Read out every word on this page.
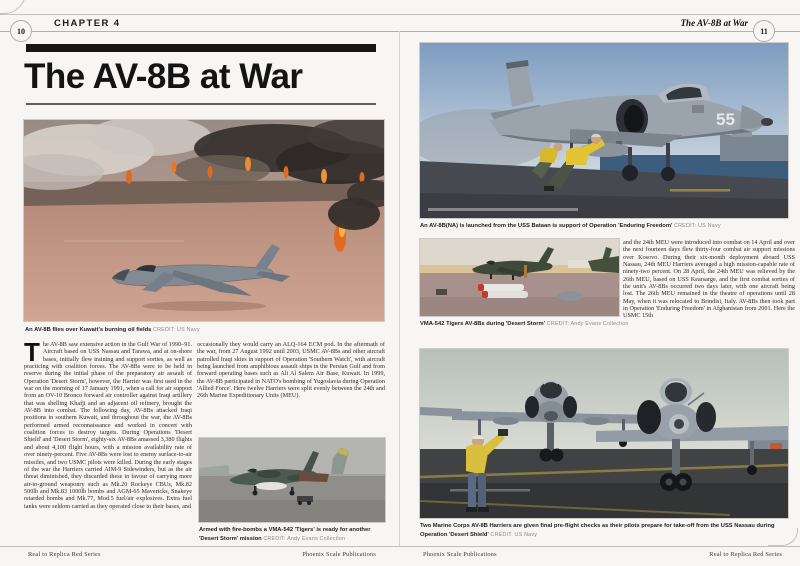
10
CHAPTER 4	The AV-8B at War
11
The AV-8B at War
An AV-8B flies over Kuwait's burning oil fields CREDIT: US Navy
The AV-8B saw extensive action in the Gulf War of 1990–91. Aircraft based on USS Nassau and Tarawa, and at on-shore bases, initially flew training and support sorties, as well as practicing with coalition forces. The AV-8Bs were to be held in reserve during the initial phase of the preparatory air assault of Operation 'Desert Storm', however, the Harrier was first used in the war on the morning of 17 January 1991, when a call for air support from an OV-10 Bronco forward air controller against Iraqi artillery that was shelling Khafji and an adjacent oil refinery, brought the AV-8B into combat. The following day, AV-8Bs attacked Iraqi positions in southern Kuwait, and throughout the war, the AV-8Bs performed armed reconnaissance and worked in concert with coalition forces to destroy targets. During Operations 'Desert Shield' and 'Desert Storm', eighty-six AV-8Bs amassed 3,380 flights and about 4,100 flight hours, with a mission availability rate of over ninety-percent. Five AV-8Bs were lost to enemy surface-to-air missiles, and two USMC pilots were killed. During the early stages of the war the Harriers carried AIM-9 Sidewinders, but as the air threat diminished, they discarded these in favour of carrying more air-to-ground weaponry such as Mk.20 Rockeye CBUs, Mk.82 500lb and Mk.83 1000lb bombs and AGM-65 Mavericks, Snakeye retarded bombs and Mk.77, Mod.5 fuel/air explosives. Extra fuel tanks were seldom carried as they operated close to their bases, and
occasionally they would carry an ALQ-164 ECM pod. In the aftermath of the war, from 27 August 1992 until 2003, USMC AV-8Bs and other aircraft patrolled Iraqi skies in support of Operation 'Southern Watch', with aircraft being launched from amphibious assault ships in the Persian Gulf and from forward operating bases such as Ali Al Salem Air Base, Kuwait. In 1999, the AV-8B participated in NATO's bombing of Yugoslavia during Operation 'Allied Force'. Here twelve Harriers were split evenly between the 24th and 26th Marine Expeditionary Units (MEU).
Armed with fire-bombs a VMA-542 'Tigers' is ready for another 'Desert Storm' mission CREDIT: Andy Evans Collection
Real to Replica Red Series	Phoenix Scale Publications
55
An AV-8B(NA) is launched from the USS Bataan is support of Operation 'Enduring Freedom' CREDIT: US Navy
VMA-542 Tigers AV-8Bs during 'Desert Storm' CREDIT: Andy Evans Collection
and the 24th MEU were introduced into combat on 14 April and over the next fourteen days flew thirty-four combat air support missions over Kosovo. During their six-month deployment aboard USS Nassau, 24th MEU Harriers averaged a high mission-capable rate of ninety-two percent. On 28 April, the 24th MEU was relieved by the 26th MEU, based on USS Kearsarge, and the first combat sorties of the unit's AV-8Bs occurred two days later, with one aircraft being lost. The 26th MEU remained in the theatre of operations until 28 May, when it was relocated to Brindisi, Italy. AV-8Bs then took part in Operation 'Enduring Freedom' in Afghanistan from 2001. Here the USMC 15th
Two Marine Corps AV-8B Harriers are given final pre-flight checks as their pilots prepare for take-off from the USS Nassau during Operation 'Desert Shield' CREDIT: US Navy
Phoenix Scale Publications	Real to Replica Red Series
